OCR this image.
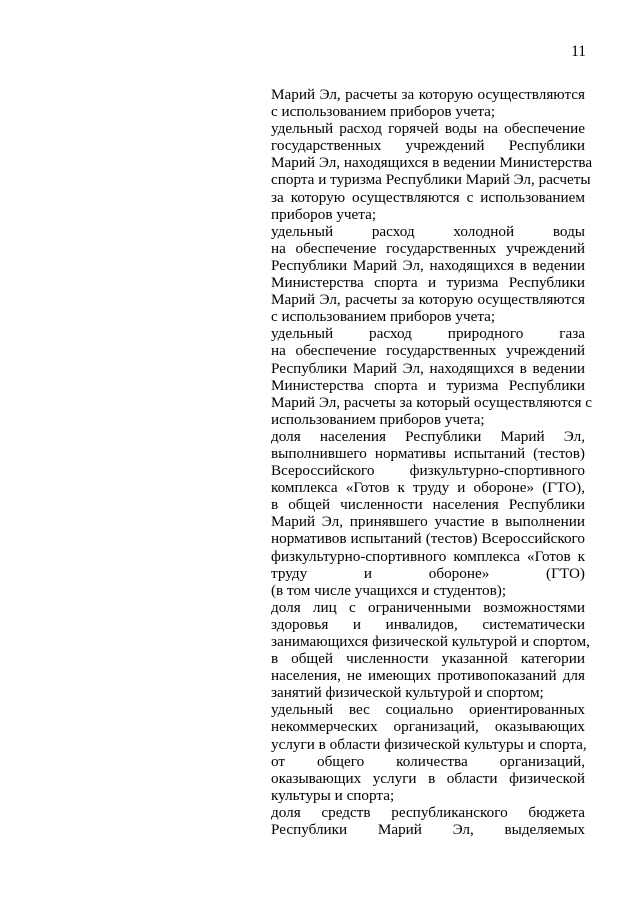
11
Марий Эл, расчеты за которую осуществляются
с использованием приборов учета;
удельный расход горячей воды на обеспечение
государственных учреждений Республики
Марий Эл, находящихся в ведении Министерства
спорта и туризма Республики Марий Эл, расчеты
за которую осуществляются с использованием
приборов учета;
удельный расход холодной воды
на обеспечение государственных учреждений
Республики Марий Эл, находящихся в ведении
Министерства спорта и туризма Республики
Марий Эл, расчеты за которую осуществляются
с использованием приборов учета;
удельный расход природного газа
на обеспечение государственных учреждений
Республики Марий Эл, находящихся в ведении
Министерства спорта и туризма Республики
Марий Эл, расчеты за который осуществляются с
использованием приборов учета;
доля населения Республики Марий Эл,
выполнившего нормативы испытаний (тестов)
Всероссийского физкультурно-спортивного
комплекса «Готов к труду и обороне» (ГТО),
в общей численности населения Республики
Марий Эл, принявшего участие в выполнении
нормативов испытаний (тестов) Всероссийского
физкультурно-спортивного комплекса «Готов к
труду и обороне» (ГТО)
(в том числе учащихся и студентов);
доля лиц с ограниченными возможностями
здоровья и инвалидов, систематически
занимающихся физической культурой и спортом,
в общей численности указанной категории
населения, не имеющих противопоказаний для
занятий физической культурой и спортом;
удельный вес социально ориентированных
некоммерческих организаций, оказывающих
услуги в области физической культуры и спорта,
от общего количества организаций,
оказывающих услуги в области физической
культуры и спорта;
доля средств республиканского бюджета
Республики Марий Эл, выделяемых
